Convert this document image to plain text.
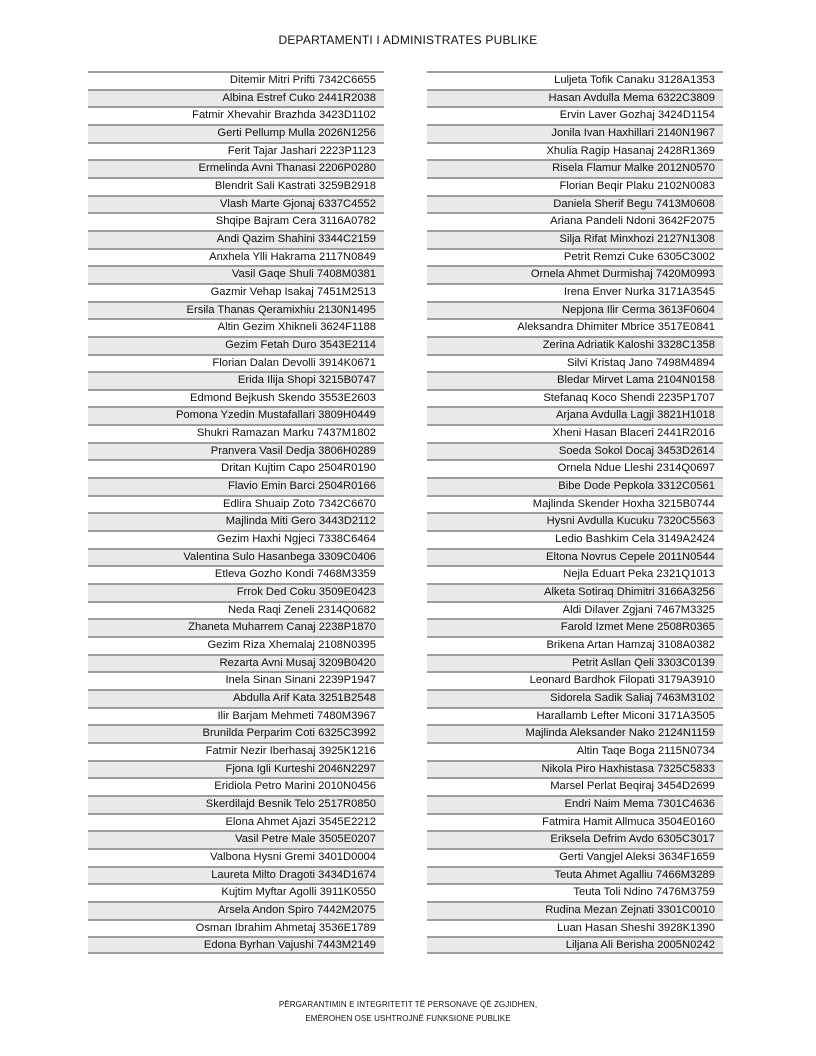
DEPARTAMENTI I ADMINISTRATES PUBLIKE
Ditemir Mitri Prifti 7342C6655
Albina Estref Cuko 2441R2038
Fatmir Xhevahir Brazhda 3423D1102
Gerti Pellump Mulla 2026N1256
Ferit Tajar Jashari 2223P1123
Ermelinda Avni Thanasi 2206P0280
Blendrit Sali Kastrati 3259B2918
Vlash Marte Gjonaj 6337C4552
Shqipe Bajram Cera 3116A0782
Andi Qazim Shahini 3344C2159
Anxhela Ylli Hakrama 2117N0849
Vasil Gaqe Shuli 7408M0381
Gazmir Vehap Isakaj 7451M2513
Ersila Thanas Qeramixhiu 2130N1495
Altin Gezim Xhikneli 3624F1188
Gezim Fetah Duro 3543E2114
Florian Dalan Devolli 3914K0671
Erida Ilija Shopi 3215B0747
Edmond Bejkush Skendo 3553E2603
Pomona Yzedin Mustafallari 3809H0449
Shukri Ramazan Marku 7437M1802
Pranvera Vasil Dedja 3806H0289
Dritan Kujtim Capo 2504R0190
Flavio Emin Barci 2504R0166
Edlira Shuaip Zoto 7342C6670
Majlinda Miti Gero 3443D2112
Gezim Haxhi Ngjeci 7338C6464
Valentina Sulo Hasanbega 3309C0406
Etleva Gozho Kondi 7468M3359
Frrok Ded Coku 3509E0423
Neda Raqi Zeneli 2314Q0682
Zhaneta Muharrem Canaj 2238P1870
Gezim Riza Xhemalaj 2108N0395
Rezarta Avni Musaj 3209B0420
Inela Sinan Sinani 2239P1947
Abdulla Arif Kata 3251B2548
Ilir Barjam Mehmeti 7480M3967
Brunilda Perparim Coti 6325C3992
Fatmir Nezir Iberhasaj 3925K1216
Fjona Igli Kurteshi 2046N2297
Eridiola Petro Marini 2010N0456
Skerdilajd Besnik Telo 2517R0850
Elona Ahmet Ajazi 3545E2212
Vasil Petre Male 3505E0207
Valbona Hysni Gremi 3401D0004
Laureta Milto Dragoti 3434D1674
Kujtim Myftar Agolli 3911K0550
Arsela Andon Spiro 7442M2075
Osman Ibrahim Ahmetaj 3536E1789
Edona Byrhan Vajushi 7443M2149
Luljeta Tofik Canaku 3128A1353
Hasan Avdulla Mema 6322C3809
Ervin Laver Gozhaj 3424D1154
Jonila Ivan Haxhillari 2140N1967
Xhulia Ragip Hasanaj 2428R1369
Risela Flamur Malke 2012N0570
Florian Beqir Plaku 2102N0083
Daniela Sherif Begu 7413M0608
Ariana Pandeli Ndoni 3642F2075
Silja Rifat Minxhozi 2127N1308
Petrit Remzi Cuke 6305C3002
Ornela Ahmet Durmishaj 7420M0993
Irena Enver Nurka 3171A3545
Nepjona Ilir Cerma 3613F0604
Aleksandra Dhimiter Mbrice 3517E0841
Zerina Adriatik Kaloshi 3328C1358
Silvi Kristaq Jano 7498M4894
Bledar Mirvet Lama 2104N0158
Stefanaq Koco Shendi 2235P1707
Arjana Avdulla Lagji 3821H1018
Xheni Hasan Blaceri 2441R2016
Soeda Sokol Docaj 3453D2614
Ornela Ndue Lleshi 2314Q0697
Bibe Dode Pepkola 3312C0561
Majlinda Skender Hoxha 3215B0744
Hysni Avdulla Kucuku 7320C5563
Ledio Bashkim Cela 3149A2424
Eltona Novrus Cepele 2011N0544
Nejla Eduart Peka 2321Q1013
Alketa Sotiraq Dhimitri 3166A3256
Aldi Dilaver Zgjani 7467M3325
Farold Izmet Mene 2508R0365
Brikena Artan Hamzaj 3108A0382
Petrit Asllan Qeli 3303C0139
Leonard Bardhok Filopati 3179A3910
Sidorela Sadik Saliaj 7463M3102
Harallamb Lefter Miconi 3171A3505
Majlinda Aleksander Nako 2124N1159
Altin Taqe Boga 2115N0734
Nikola Piro Haxhistasa 7325C5833
Marsel Perlat Beqiraj 3454D2699
Endri Naim Mema 7301C4636
Fatmira Hamit Allmuca 3504E0160
Eriksela Defrim Avdo 6305C3017
Gerti Vangjel Aleksi 3634F1659
Teuta Ahmet Agalliu 7466M3289
Teuta Toli Ndino 7476M3759
Rudina Mezan Zejnati 3301C0010
Luan Hasan Sheshi 3928K1390
Liljana Ali Berisha 2005N0242
PËRGARANTIMIN E INTEGRITETIT TË PERSONAVE QË ZGJIDHEN,
EMËROHEN OSE USHTROJNË FUNKSIONE PUBLIKE
